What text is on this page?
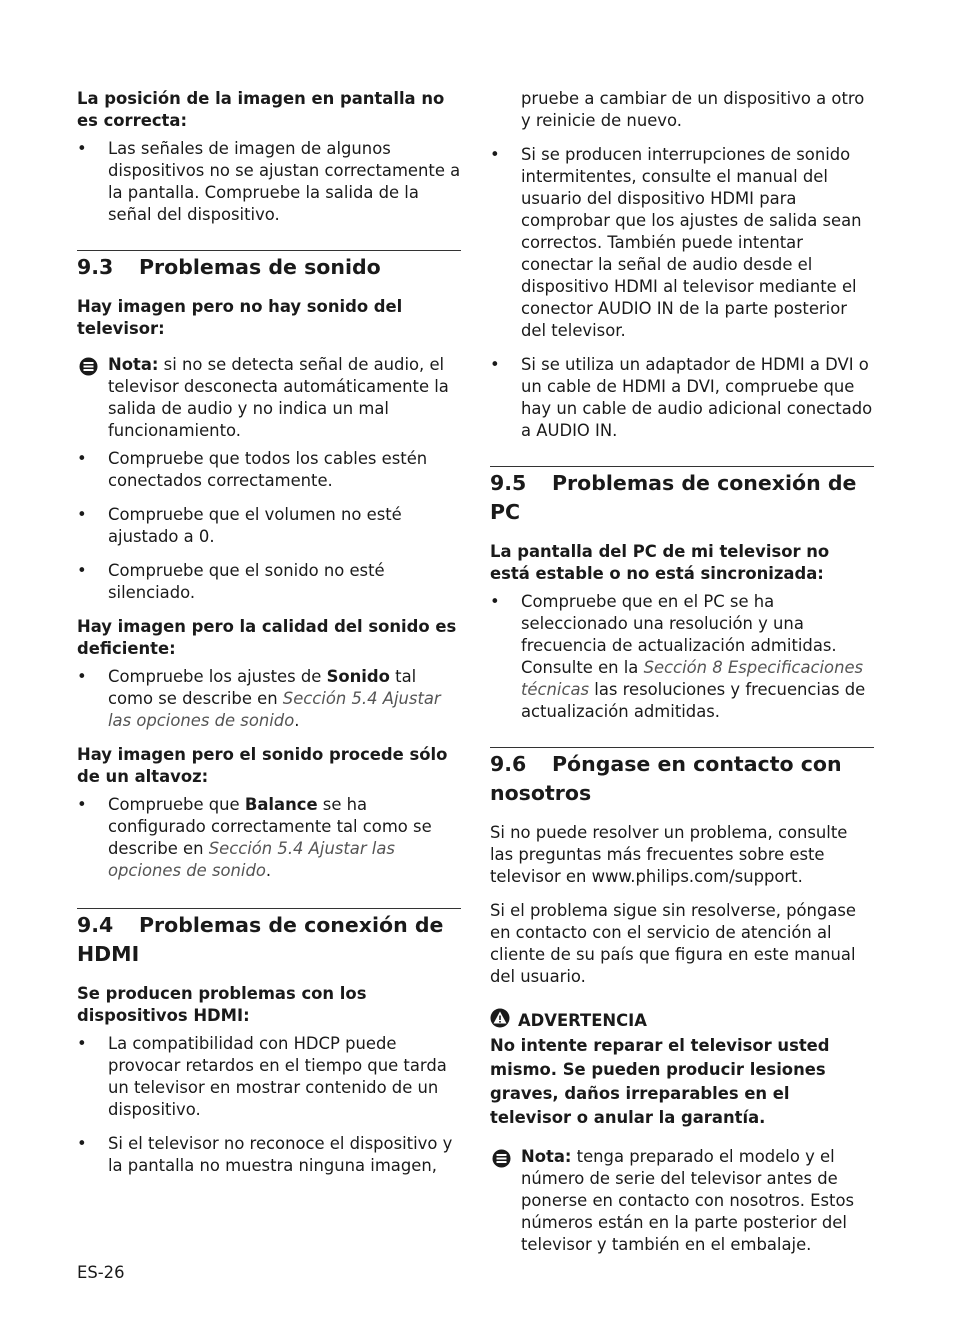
La posición de la imagen en pantalla no es correcta:

• Las señales de imagen de algunos dispositivos no se ajustan correctamente a la pantalla. Compruebe la salida de la señal del dispositivo.
9.3 Problemas de sonido

Hay imagen pero no hay sonido del televisor:

Nota: si no se detecta señal de audio, el televisor desconecta automáticamente la salida de audio y no indica un mal funcionamiento.
• Compruebe que todos los cables estén conectados correctamente.
• Compruebe que el volumen no esté ajustado a 0.
• Compruebe que el sonido no esté silenciado.

Hay imagen pero la calidad del sonido es deficiente:

• Compruebe los ajustes de Sonido tal como se describe en Sección 5.4 Ajustar las opciones de sonido.

Hay imagen pero el sonido procede sólo de un altavoz:

• Compruebe que Balance se ha configurado correctamente tal como se describe en Sección 5.4 Ajustar las opciones de sonido.
9.4 Problemas de conexión de HDMI

Se producen problemas con los dispositivos HDMI:

• La compatibilidad con HDCP puede provocar retardos en el tiempo que tarda un televisor en mostrar contenido de un dispositivo.
• Si el televisor no reconoce el dispositivo y la pantalla no muestra ninguna imagen,
pruebe a cambiar de un dispositivo a otro y reinicie de nuevo.
• Si se producen interrupciones de sonido intermitentes, consulte el manual del usuario del dispositivo HDMI para comprobar que los ajustes de salida sean correctos. También puede intentar conectar la señal de audio desde el dispositivo HDMI al televisor mediante el conector AUDIO IN de la parte posterior del televisor.
• Si se utiliza un adaptador de HDMI a DVI o un cable de HDMI a DVI, compruebe que hay un cable de audio adicional conectado a AUDIO IN.
9.5 Problemas de conexión de PC

La pantalla del PC de mi televisor no está estable o no está sincronizada:

• Compruebe que en el PC se ha seleccionado una resolución y una frecuencia de actualización admitidas. Consulte en la Sección 8 Especificaciones técnicas las resoluciones y frecuencias de actualización admitidas.
9.6 Póngase en contacto con nosotros

Si no puede resolver un problema, consulte las preguntas más frecuentes sobre este televisor en www.philips.com/support.

Si el problema sigue sin resolverse, póngase en contacto con el servicio de atención al cliente de su país que figura en este manual del usuario.

ADVERTENCIA

No intente reparar el televisor usted mismo. Se pueden producir lesiones graves, daños irreparables en el televisor o anular la garantía.

Nota: tenga preparado el modelo y el número de serie del televisor antes de ponerse en contacto con nosotros. Estos números están en la parte posterior del televisor y también en el embalaje.
ES-26
